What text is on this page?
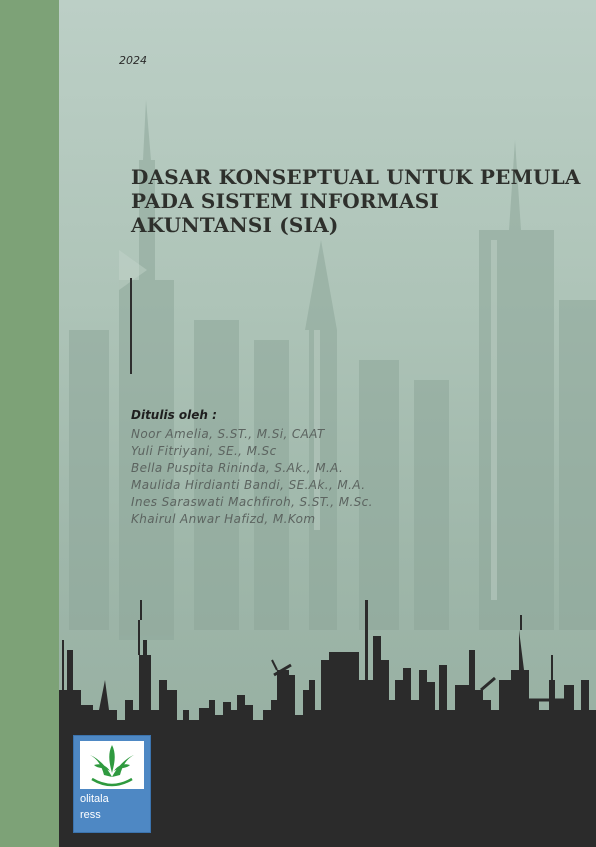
2024
DASAR KONSEPTUAL UNTUK PEMULA PADA SISTEM INFORMASI AKUNTANSI (SIA)
Ditulis oleh :
Noor Amelia, S.ST., M.Si, CAAT
Yuli Fitriyani, SE., M.Sc
Bella Puspita Rininda, S.Ak., M.A.
Maulida Hirdianti Bandi, SE.Ak., M.A.
Ines Saraswati Machfiroh, S.ST., M.Sc.
Khairul Anwar Hafizd, M.Kom
olitala
ress
